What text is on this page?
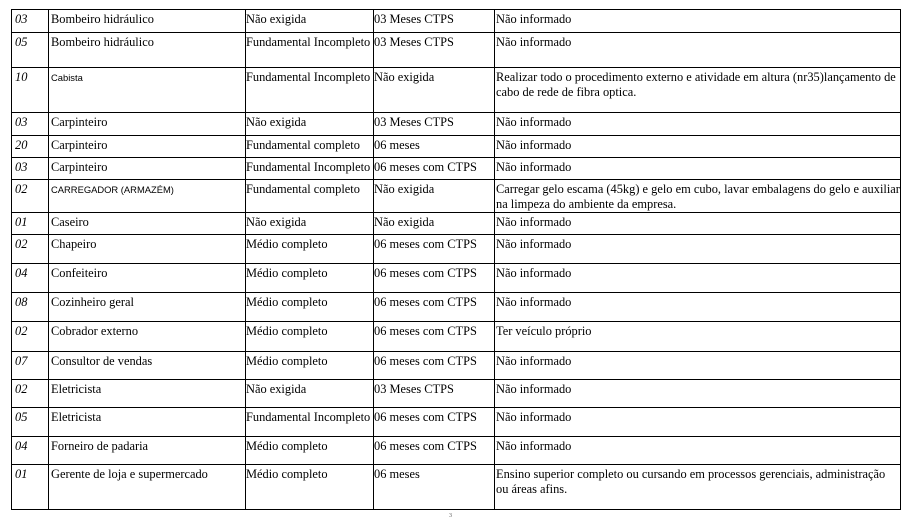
03	Bombeiro hidráulico	Não exigida	03 Meses CTPS	Não informado
05	Bombeiro hidráulico	Fundamental Incompleto	03 Meses CTPS	Não informado
10	Cabista	Fundamental Incompleto	Não exigida	Realizar todo o procedimento externo e atividade em altura (nr35)lançamento de cabo de rede de fibra optica.
03	Carpinteiro	Não exigida	03 Meses CTPS	Não informado
20	Carpinteiro	Fundamental completo	06 meses	Não informado
03	Carpinteiro	Fundamental Incompleto	06 meses com CTPS	Não informado
02	CARREGADOR (ARMAZÉM)	Fundamental completo	Não exigida	Carregar gelo escama (45kg) e gelo em cubo, lavar embalagens do gelo e auxiliar na limpeza do ambiente da empresa.
01	Caseiro	Não exigida	Não exigida	Não informado
02	Chapeiro	Médio completo	06 meses com CTPS	Não informado
04	Confeiteiro	Médio completo	06 meses com CTPS	Não informado
08	Cozinheiro geral	Médio completo	06 meses com CTPS	Não informado
02	Cobrador externo	Médio completo	06 meses com CTPS	Ter veículo próprio
07	Consultor de vendas	Médio completo	06 meses com CTPS	Não informado
02	Eletricista	Não exigida	03 Meses CTPS	Não informado
05	Eletricista	Fundamental Incompleto	06 meses com CTPS	Não informado
04	Forneiro de padaria	Médio completo	06 meses com CTPS	Não informado
01	Gerente de loja e supermercado	Médio completo	06 meses	Ensino superior completo ou cursando em processos gerenciais, administração ou áreas afins.
3
